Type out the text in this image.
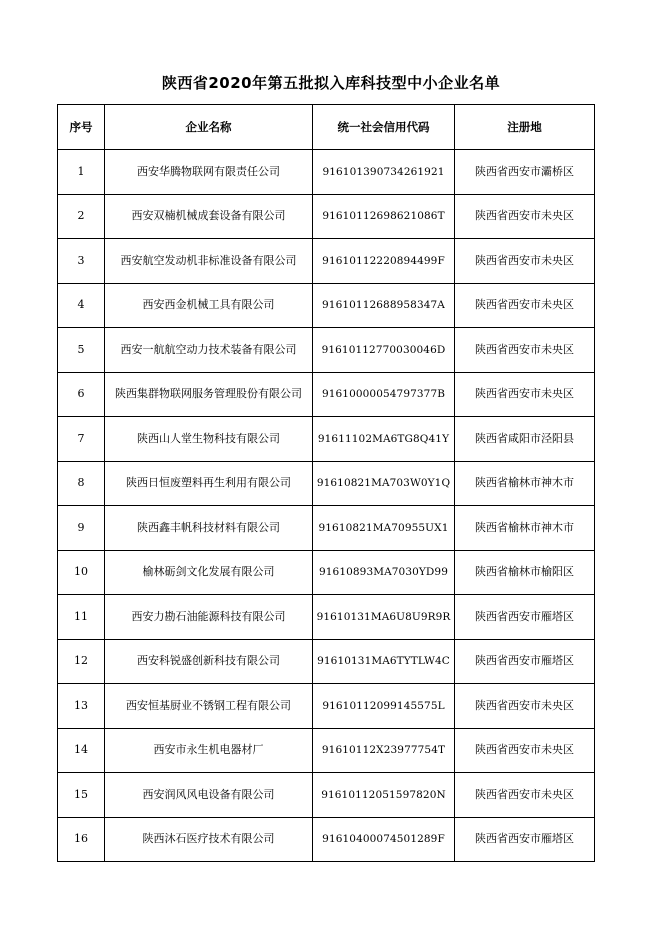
陕西省2020年第五批拟入库科技型中小企业名单
序号	企业名称	统一社会信用代码	注册地
1	西安华腾物联网有限责任公司	916101390734261921	陕西省西安市灞桥区
2	西安双楠机械成套设备有限公司	91610112698621086T	陕西省西安市未央区
3	西安航空发动机非标准设备有限公司	91610112220894499F	陕西省西安市未央区
4	西安西金机械工具有限公司	91610112688958347A	陕西省西安市未央区
5	西安一航航空动力技术装备有限公司	91610112770030046D	陕西省西安市未央区
6	陕西集群物联网服务管理股份有限公司	91610000054797377B	陕西省西安市未央区
7	陕西山人堂生物科技有限公司	91611102MA6TG8Q41Y	陕西省咸阳市泾阳县
8	陕西日恒废塑料再生利用有限公司	91610821MA703W0Y1Q	陕西省榆林市神木市
9	陕西鑫丰帆科技材料有限公司	91610821MA70955UX1	陕西省榆林市神木市
10	榆林砺剑文化发展有限公司	91610893MA7030YD99	陕西省榆林市榆阳区
11	西安力勘石油能源科技有限公司	91610131MA6U8U9R9R	陕西省西安市雁塔区
12	西安科锐盛创新科技有限公司	91610131MA6TYTLW4C	陕西省西安市雁塔区
13	西安恒基厨业不锈钢工程有限公司	91610112099145575L	陕西省西安市未央区
14	西安市永生机电器材厂	91610112X23977754T	陕西省西安市未央区
15	西安润风风电设备有限公司	91610112051597820N	陕西省西安市未央区
16	陕西沐石医疗技术有限公司	91610400074501289F	陕西省西安市雁塔区
